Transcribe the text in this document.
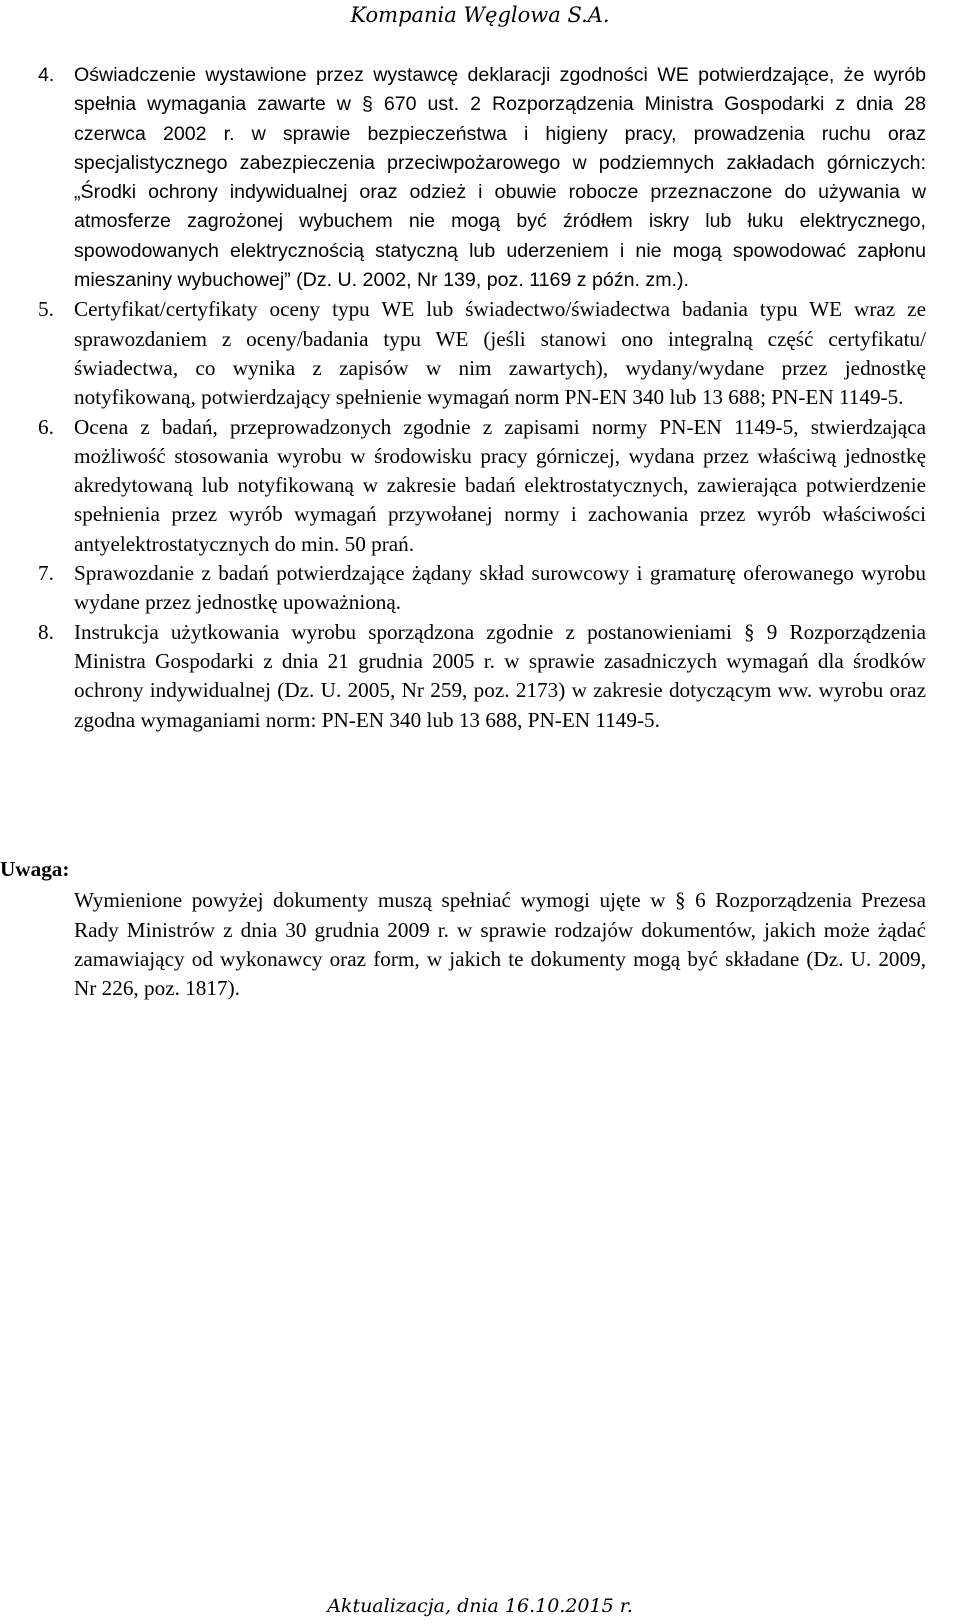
Kompania Węglowa S.A.
4.	Oświadczenie wystawione przez wystawcę deklaracji zgodności WE potwierdzające, że wyrób spełnia wymagania zawarte w § 670 ust. 2 Rozporządzenia Ministra Gospodarki z dnia 28 czerwca 2002 r. w sprawie bezpieczeństwa i higieny pracy, prowadzenia ruchu oraz specjalistycznego zabezpieczenia przeciwpożarowego w podziemnych zakładach górniczych: „Środki ochrony indywidualnej oraz odzież i obuwie robocze przeznaczone do używania w atmosferze zagrożonej wybuchem nie mogą być źródłem iskry lub łuku elektrycznego, spowodowanych elektrycznością statyczną lub uderzeniem i nie mogą spowodować zapłonu mieszaniny wybuchowej” (Dz. U. 2002, Nr 139, poz. 1169 z późn. zm.).
5. Certyfikat/certyfikaty oceny typu WE lub świadectwo/świadectwa badania typu WE wraz ze sprawozdaniem z oceny/badania typu WE (jeśli stanowi ono integralną część certyfikatu/świadectwa, co wynika z zapisów w nim zawartych), wydany/wydane przez jednostkę notyfikowaną, potwierdzający spełnienie wymagań norm PN-EN 340 lub 13 688; PN-EN 1149-5.
6. Ocena z badań, przeprowadzonych zgodnie z zapisami normy PN-EN 1149-5, stwierdzająca możliwość stosowania wyrobu w środowisku pracy górniczej, wydana przez właściwą jednostkę akredytowaną lub notyfikowaną w zakresie badań elektrostatycznych, zawierająca potwierdzenie spełnienia przez wyrób wymagań przywołanej normy i zachowania przez wyrób właściwości antyelektrostatycznych do min. 50 prań.
7. Sprawozdanie z badań potwierdzające żądany skład surowcowy i gramaturę oferowanego wyrobu wydane przez jednostkę upoważnioną.
8. Instrukcja użytkowania wyrobu sporządzona zgodnie z postanowieniami § 9 Rozporządzenia Ministra Gospodarki z dnia 21 grudnia 2005 r. w sprawie zasadniczych wymagań dla środków ochrony indywidualnej (Dz. U. 2005, Nr 259, poz. 2173) w zakresie dotyczącym ww. wyrobu oraz zgodna wymaganiami norm: PN-EN 340 lub 13 688, PN-EN 1149-5.

Uwaga:

Wymienione powyżej dokumenty muszą spełniać wymogi ujęte w § 6 Rozporządzenia Prezesa Rady Ministrów z dnia 30 grudnia 2009 r. w sprawie rodzajów dokumentów, jakich może żądać zamawiający od wykonawcy oraz form, w jakich te dokumenty mogą być składane (Dz. U. 2009, Nr 226, poz. 1817).

Aktualizacja, dnia 16.10.2015 r.
